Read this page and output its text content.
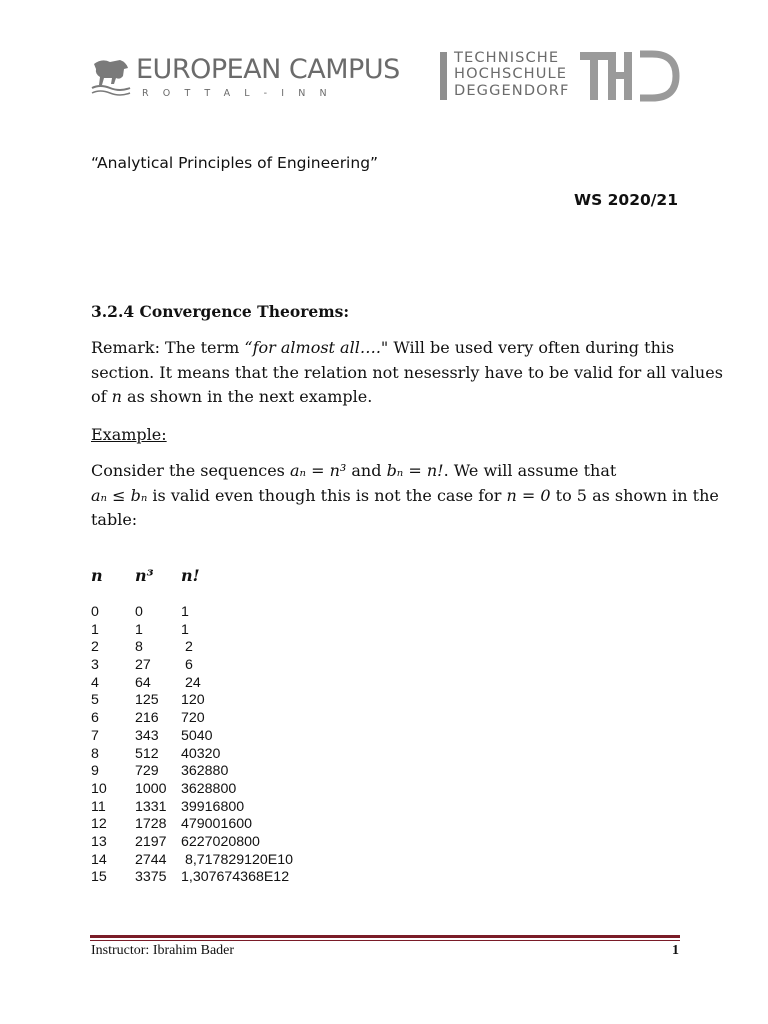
EUROPEAN CAMPUS
ROTTAL-INN
TECHNISCHE
HOCHSCHULE
DEGGENDORF
“Analytical Principles of Engineering”
WS 2020/21
3.2.4 Convergence Theorems:
Remark: The term “for almost all…." Will be used very often during this
section. It means that the relation not nesessrly have to be valid for all values
of n as shown in the next example.
Example:
Consider the sequences aₙ = n³ and bₙ = n!. We will assume that
aₙ ≤ bₙ is valid even though this is not the case for n = 0 to 5 as shown in the
table:
n n³ n!
0	0	1
1	1	1
2	8	2
3	27 6
4	64 24
5	125 120
6	216 720
7	343 5040
8	512 40320
9	729 362880
10 1000 3628800
11 1331 39916800
12 1728 479001600
13 2197 6227020800
14 2744 8,717829120E10
15 3375 1,307674368E12
Instructor: Ibrahim Bader	1
